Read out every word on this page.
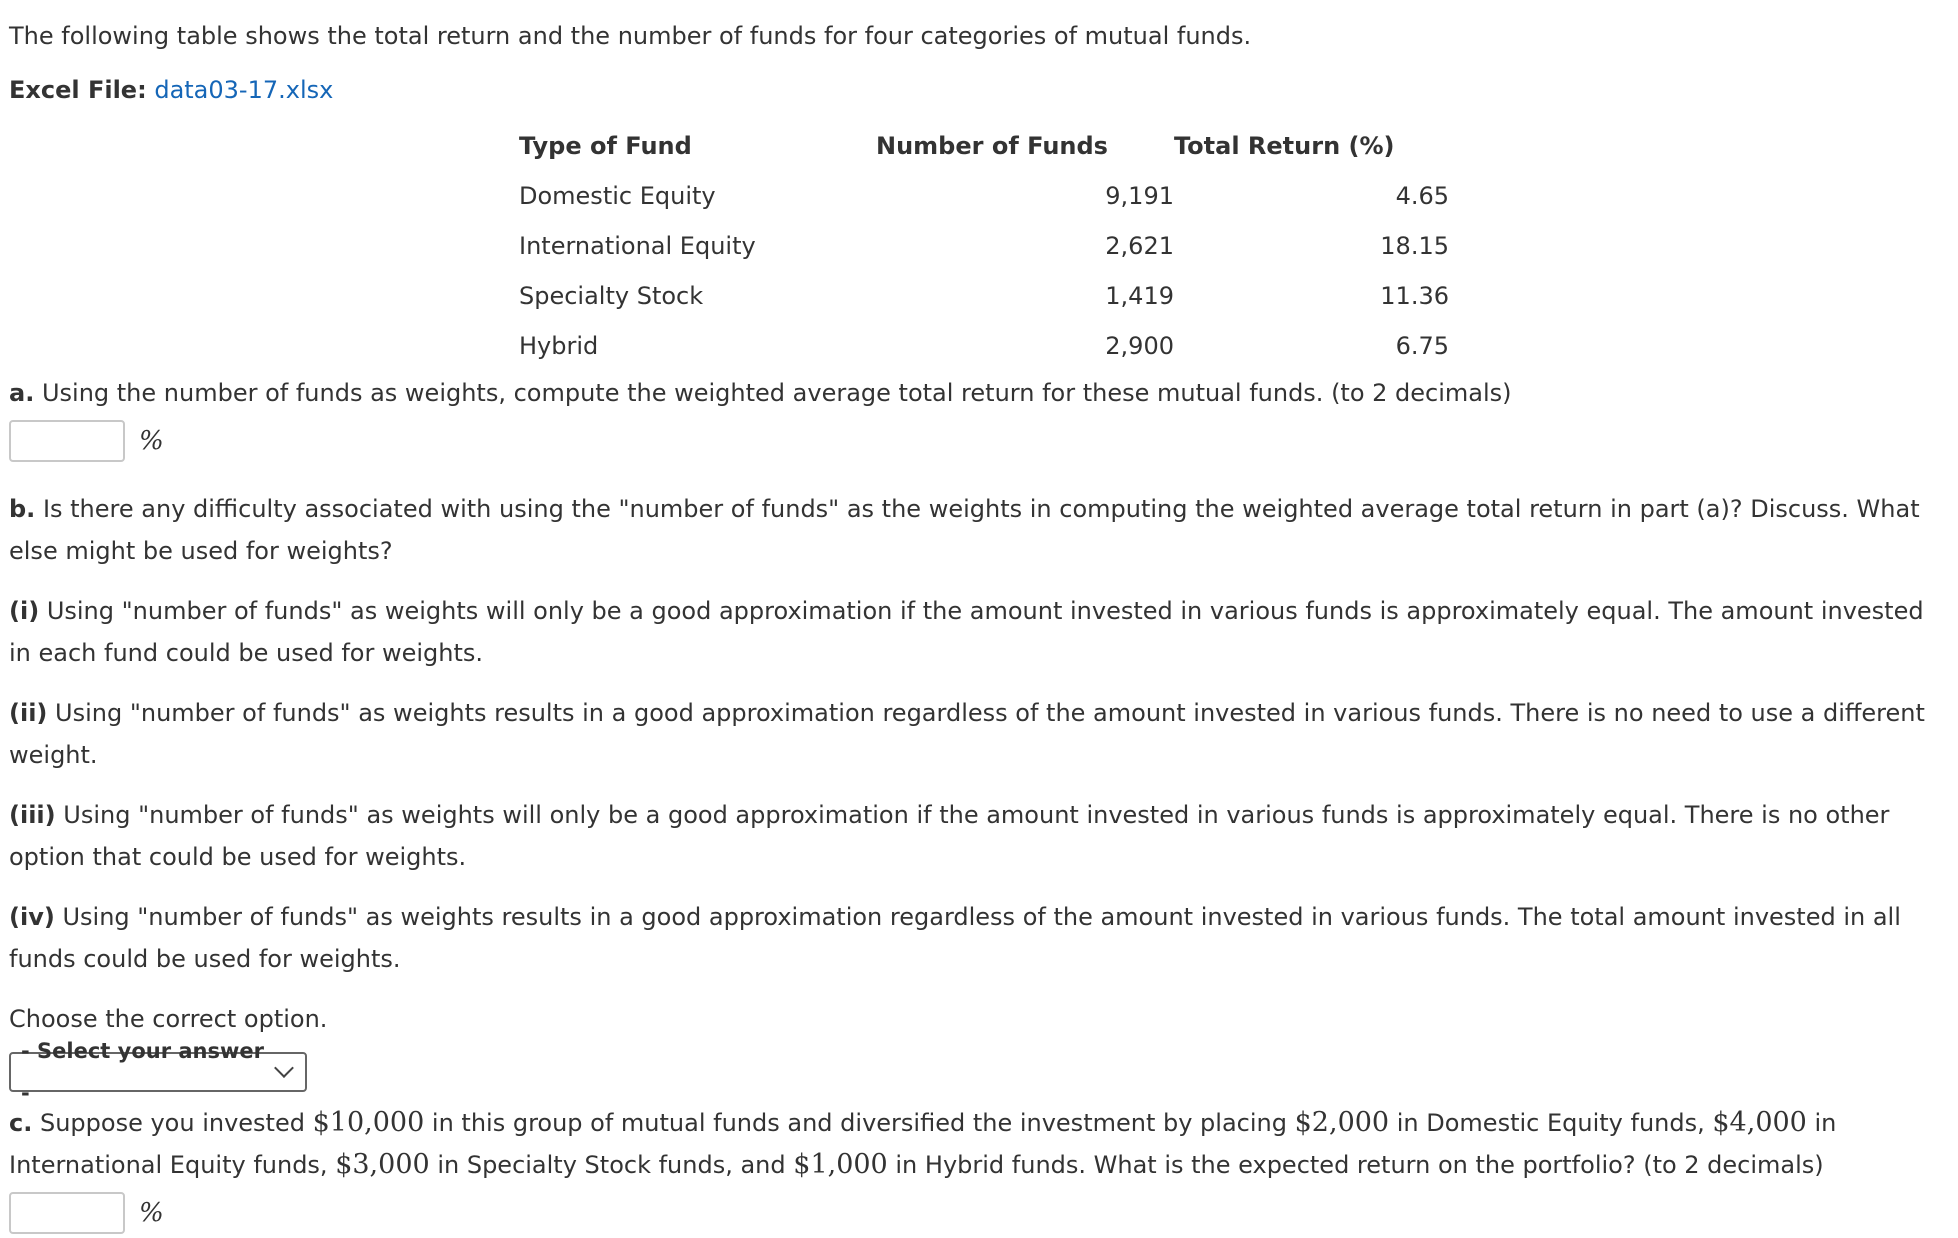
The following table shows the total return and the number of funds for four categories of mutual funds.

Excel File: data03-17.xlsx

Type of Fund	Number of Funds	Total Return (%)
Domestic Equity	9,191	4.65
International Equity	2,621	18.15
Specialty Stock	1,419	11.36
Hybrid	2,900	6.75

a. Using the number of funds as weights, compute the weighted average total return for these mutual funds. (to 2 decimals)

%

b. Is there any difficulty associated with using the "number of funds" as the weights in computing the weighted average total return in part (a)? Discuss. What else might be used for weights?

(i) Using "number of funds" as weights will only be a good approximation if the amount invested in various funds is approximately equal. The amount invested in each fund could be used for weights.

(ii) Using "number of funds" as weights results in a good approximation regardless of the amount invested in various funds. There is no need to use a different weight.

(iii) Using "number of funds" as weights will only be a good approximation if the amount invested in various funds is approximately equal. There is no other option that could be used for weights.

(iv) Using "number of funds" as weights results in a good approximation regardless of the amount invested in various funds. The total amount invested in all funds could be used for weights.

Choose the correct option.

- Select your answer -

c. Suppose you invested $10,000 in this group of mutual funds and diversified the investment by placing $2,000 in Domestic Equity funds, $4,000 in International Equity funds, $3,000 in Specialty Stock funds, and $1,000 in Hybrid funds. What is the expected return on the portfolio? (to 2 decimals)

%
